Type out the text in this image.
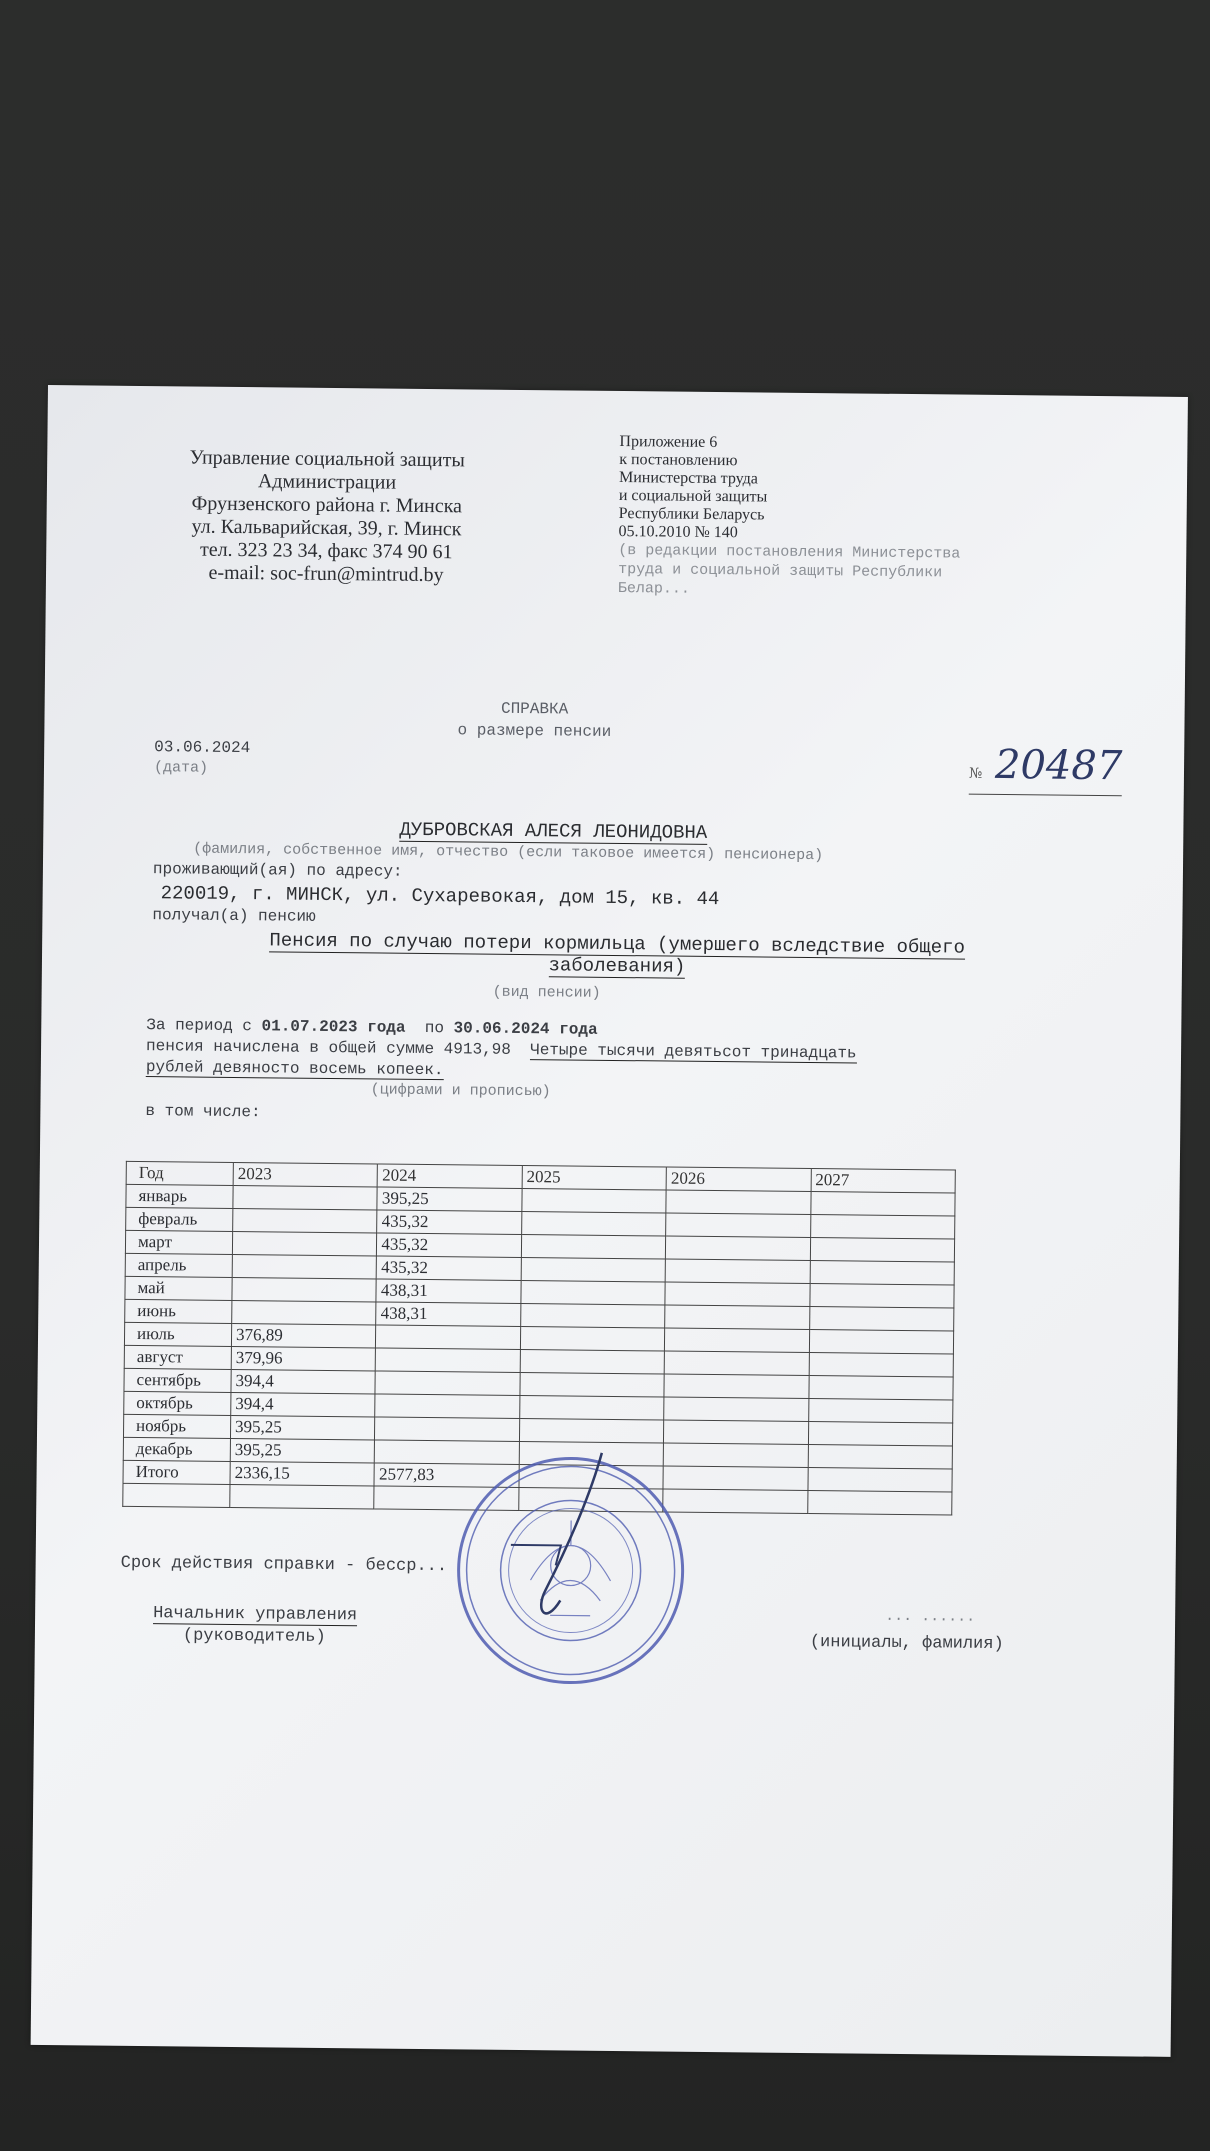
Управление социальной защиты
Администрации
Фрунзенского района г. Минска
ул. Кальварийская, 39, г. Минск
тел. 323 23 34, факс 374 90 61
e-mail: soc-frun@mintrud.by
Приложение 6
к постановлению
Министерства труда
и социальной защиты
Республики Беларусь
05.10.2010 № 140
(в редакции постановления Министерства
труда и социальной защиты Республики
Белар...
СПРАВКА
о размере пенсии
03.06.2024
(дата)	№ 20487
ДУБРОВСКАЯ АЛЕСЯ ЛЕОНИДОВНА
(фамилия, собственное имя, отчество (если таковое имеется) пенсионера)
проживающий(ая) по адресу:
220019, г. МИНСК, ул. Сухаревокая, дом 15, кв. 44
получал(а) пенсию
Пенсия по случаю потери кормильца (умершего вследствие общего
заболевания)
(вид пенсии)
За период с 01.07.2023 года по 30.06.2024 года
пенсия начислена в общей сумме 4913,98 Четыре тысячи девятьсот тринадцать
рублей девяносто восемь копеек.
(цифрами и прописью)
в том числе:
Год	2023	2024	2025	2026	2027
январь		395,25			
февраль		435,32			
март		435,32			
апрель		435,32			
май		438,31			
июнь		438,31			
июль	376,89				
август	379,96				
сентябрь	394,4				
октябрь	394,4				
ноябрь	395,25				
декабрь	395,25				
Итого	2336,15	2577,83			

Срок действия справки - бесср...
Начальник управления
(руководитель)
... ......
(инициалы, фамилия)
